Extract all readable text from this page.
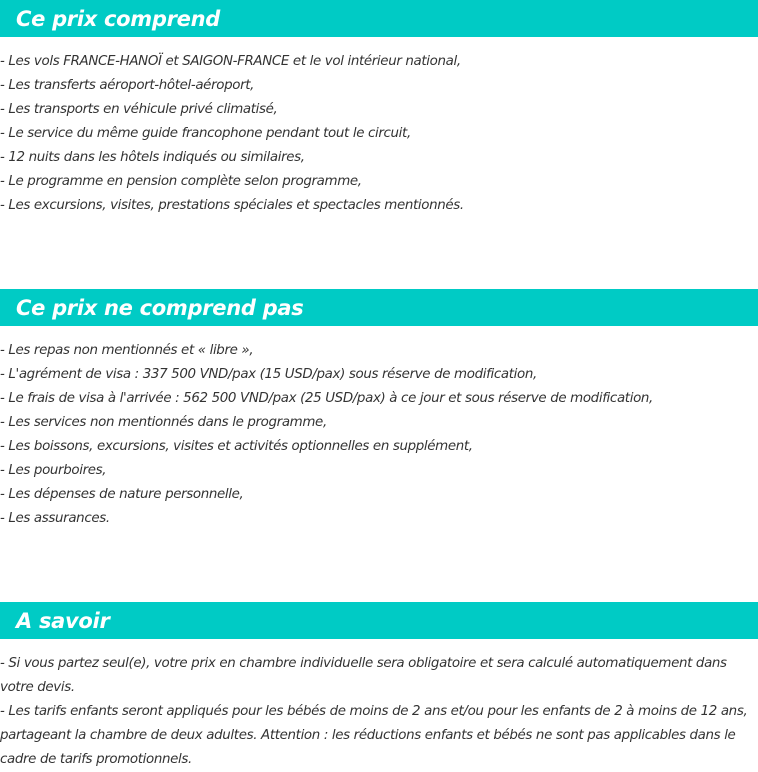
Ce prix comprend
- Les vols FRANCE-HANOÏ et SAIGON-FRANCE et le vol intérieur national,
- Les transferts aéroport-hôtel-aéroport,
- Les transports en véhicule privé climatisé,
- Le service du même guide francophone pendant tout le circuit,
- 12 nuits dans les hôtels indiqués ou similaires,
- Le programme en pension complète selon programme,
- Les excursions, visites, prestations spéciales et spectacles mentionnés.
Ce prix ne comprend pas
- Les repas non mentionnés et « libre »,
- L'agrément de visa : 337 500 VND/pax (15 USD/pax) sous réserve de modification,
- Le frais de visa à l'arrivée : 562 500 VND/pax (25 USD/pax) à ce jour et sous réserve de modification,
- Les services non mentionnés dans le programme,
- Les boissons, excursions, visites et activités optionnelles en supplément,
- Les pourboires,
- Les dépenses de nature personnelle,
- Les assurances.
A savoir
- Si vous partez seul(e), votre prix en chambre individuelle sera obligatoire et sera calculé automatiquement dans votre devis.
- Les tarifs enfants seront appliqués pour les bébés de moins de 2 ans et/ou pour les enfants de 2 à moins de 12 ans, partageant la chambre de deux adultes. Attention : les réductions enfants et bébés ne sont pas applicables dans le cadre de tarifs promotionnels.
